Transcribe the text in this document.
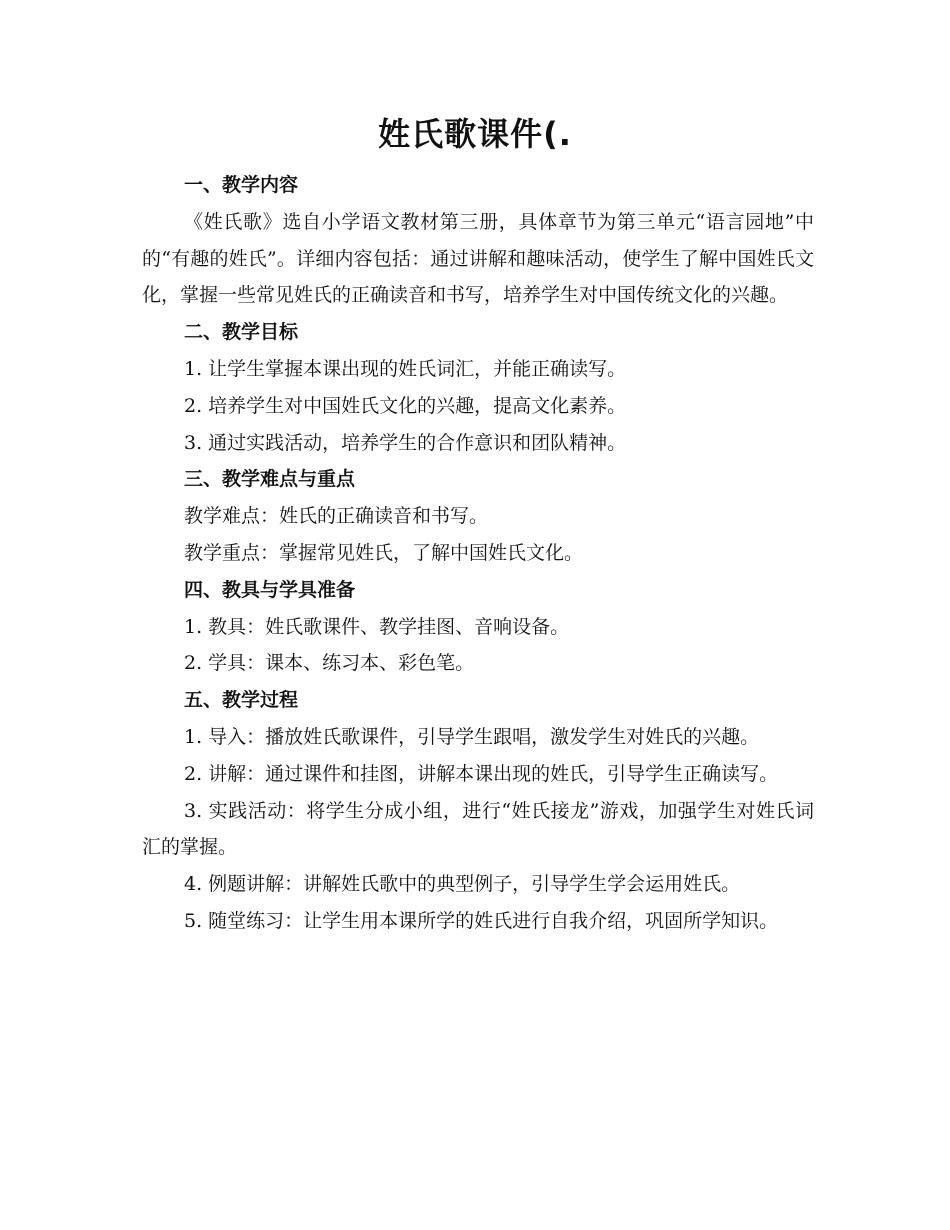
姓氏歌课件(.

一、教学内容

《姓氏歌》选自小学语文教材第三册，具体章节为第三单元“语言园地”中的“有趣的姓氏”。详细内容包括：通过讲解和趣味活动，使学生了解中国姓氏文化，掌握一些常见姓氏的正确读音和书写，培养学生对中国传统文化的兴趣。

二、教学目标

1. 让学生掌握本课出现的姓氏词汇，并能正确读写。

2. 培养学生对中国姓氏文化的兴趣，提高文化素养。

3. 通过实践活动，培养学生的合作意识和团队精神。

三、教学难点与重点

教学难点：姓氏的正确读音和书写。

教学重点：掌握常见姓氏，了解中国姓氏文化。

四、教具与学具准备

1. 教具：姓氏歌课件、教学挂图、音响设备。

2. 学具：课本、练习本、彩色笔。

五、教学过程

1. 导入：播放姓氏歌课件，引导学生跟唱，激发学生对姓氏的兴趣。

2. 讲解：通过课件和挂图，讲解本课出现的姓氏，引导学生正确读写。

3. 实践活动：将学生分成小组，进行“姓氏接龙”游戏，加强学生对姓氏词汇的掌握。

4. 例题讲解：讲解姓氏歌中的典型例子，引导学生学会运用姓氏。

5. 随堂练习：让学生用本课所学的姓氏进行自我介绍，巩固所学知识。
